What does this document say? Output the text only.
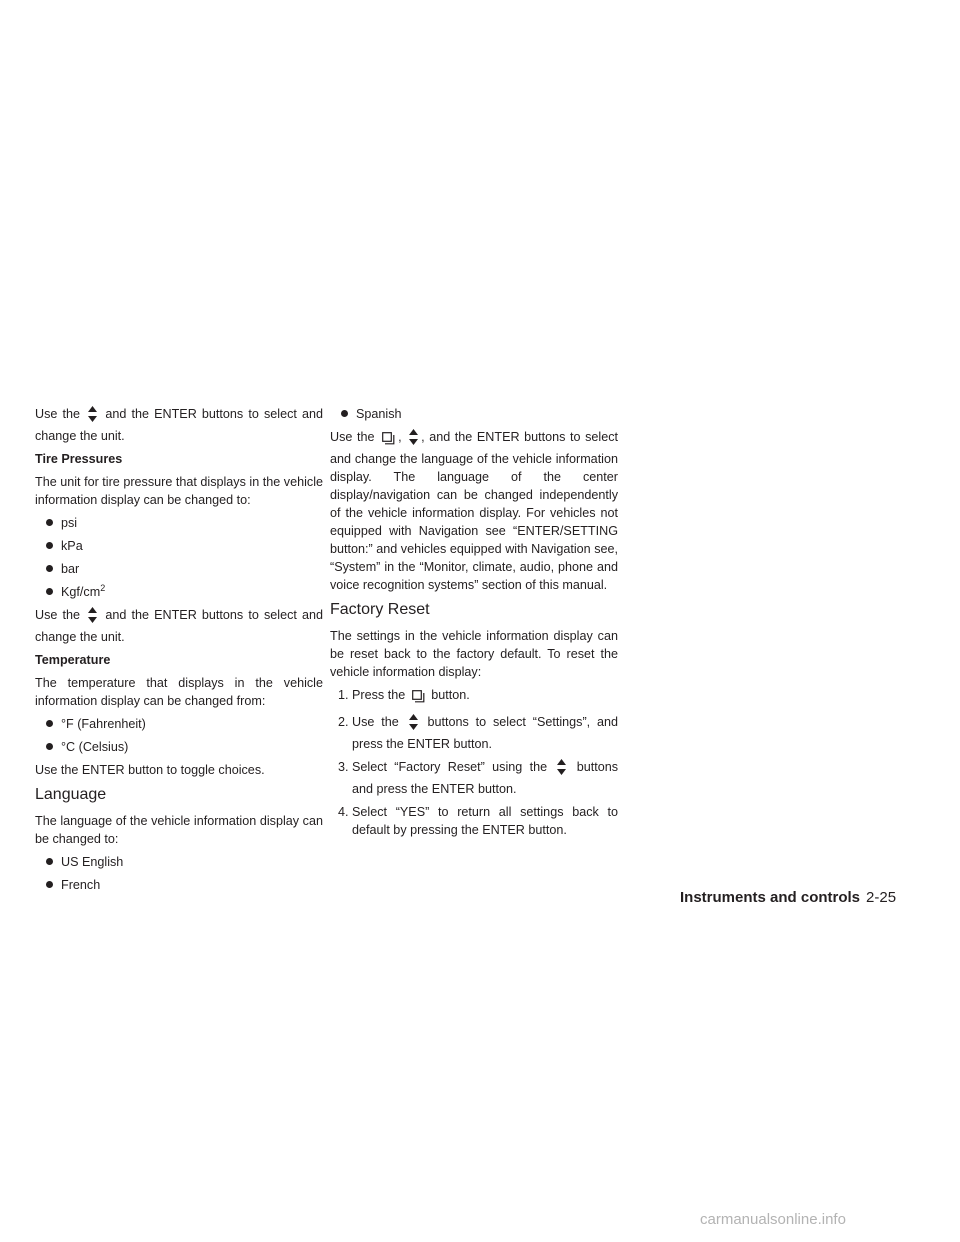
Use the and the ENTER buttons to select and change the unit.

Tire Pressures

The unit for tire pressure that displays in the vehicle information display can be changed to:

psi
kPa
bar
Kgf/$cm^2$

Use the and the ENTER buttons to select and change the unit.

Temperature

The temperature that displays in the vehicle information display can be changed from:

°F (Fahrenheit)
°C (Celsius)

Use the ENTER button to toggle choices.

Language

The language of the vehicle information display can be changed to:

US English
French
Spanish

Use the , , and the ENTER buttons to select and change the language of the vehicle information display. The language of the center display/navigation can be changed independently of the vehicle information display. For vehicles not equipped with Navigation see “ENTER/SETTING button:” and vehicles equipped with Navigation see, “System” in the “Monitor, climate, audio, phone and voice recognition systems” section of this manual.

Factory Reset

The settings in the vehicle information display can be reset back to the factory default. To reset the vehicle information display:

1. Press the button.
2. Use the buttons to select “Settings”, and press the ENTER button.
3. Select “Factory Reset” using the buttons and press the ENTER button.
4. Select “YES” to return all settings back to default by pressing the ENTER button.
Instruments and controls 2-25
carmanualsonline.info
